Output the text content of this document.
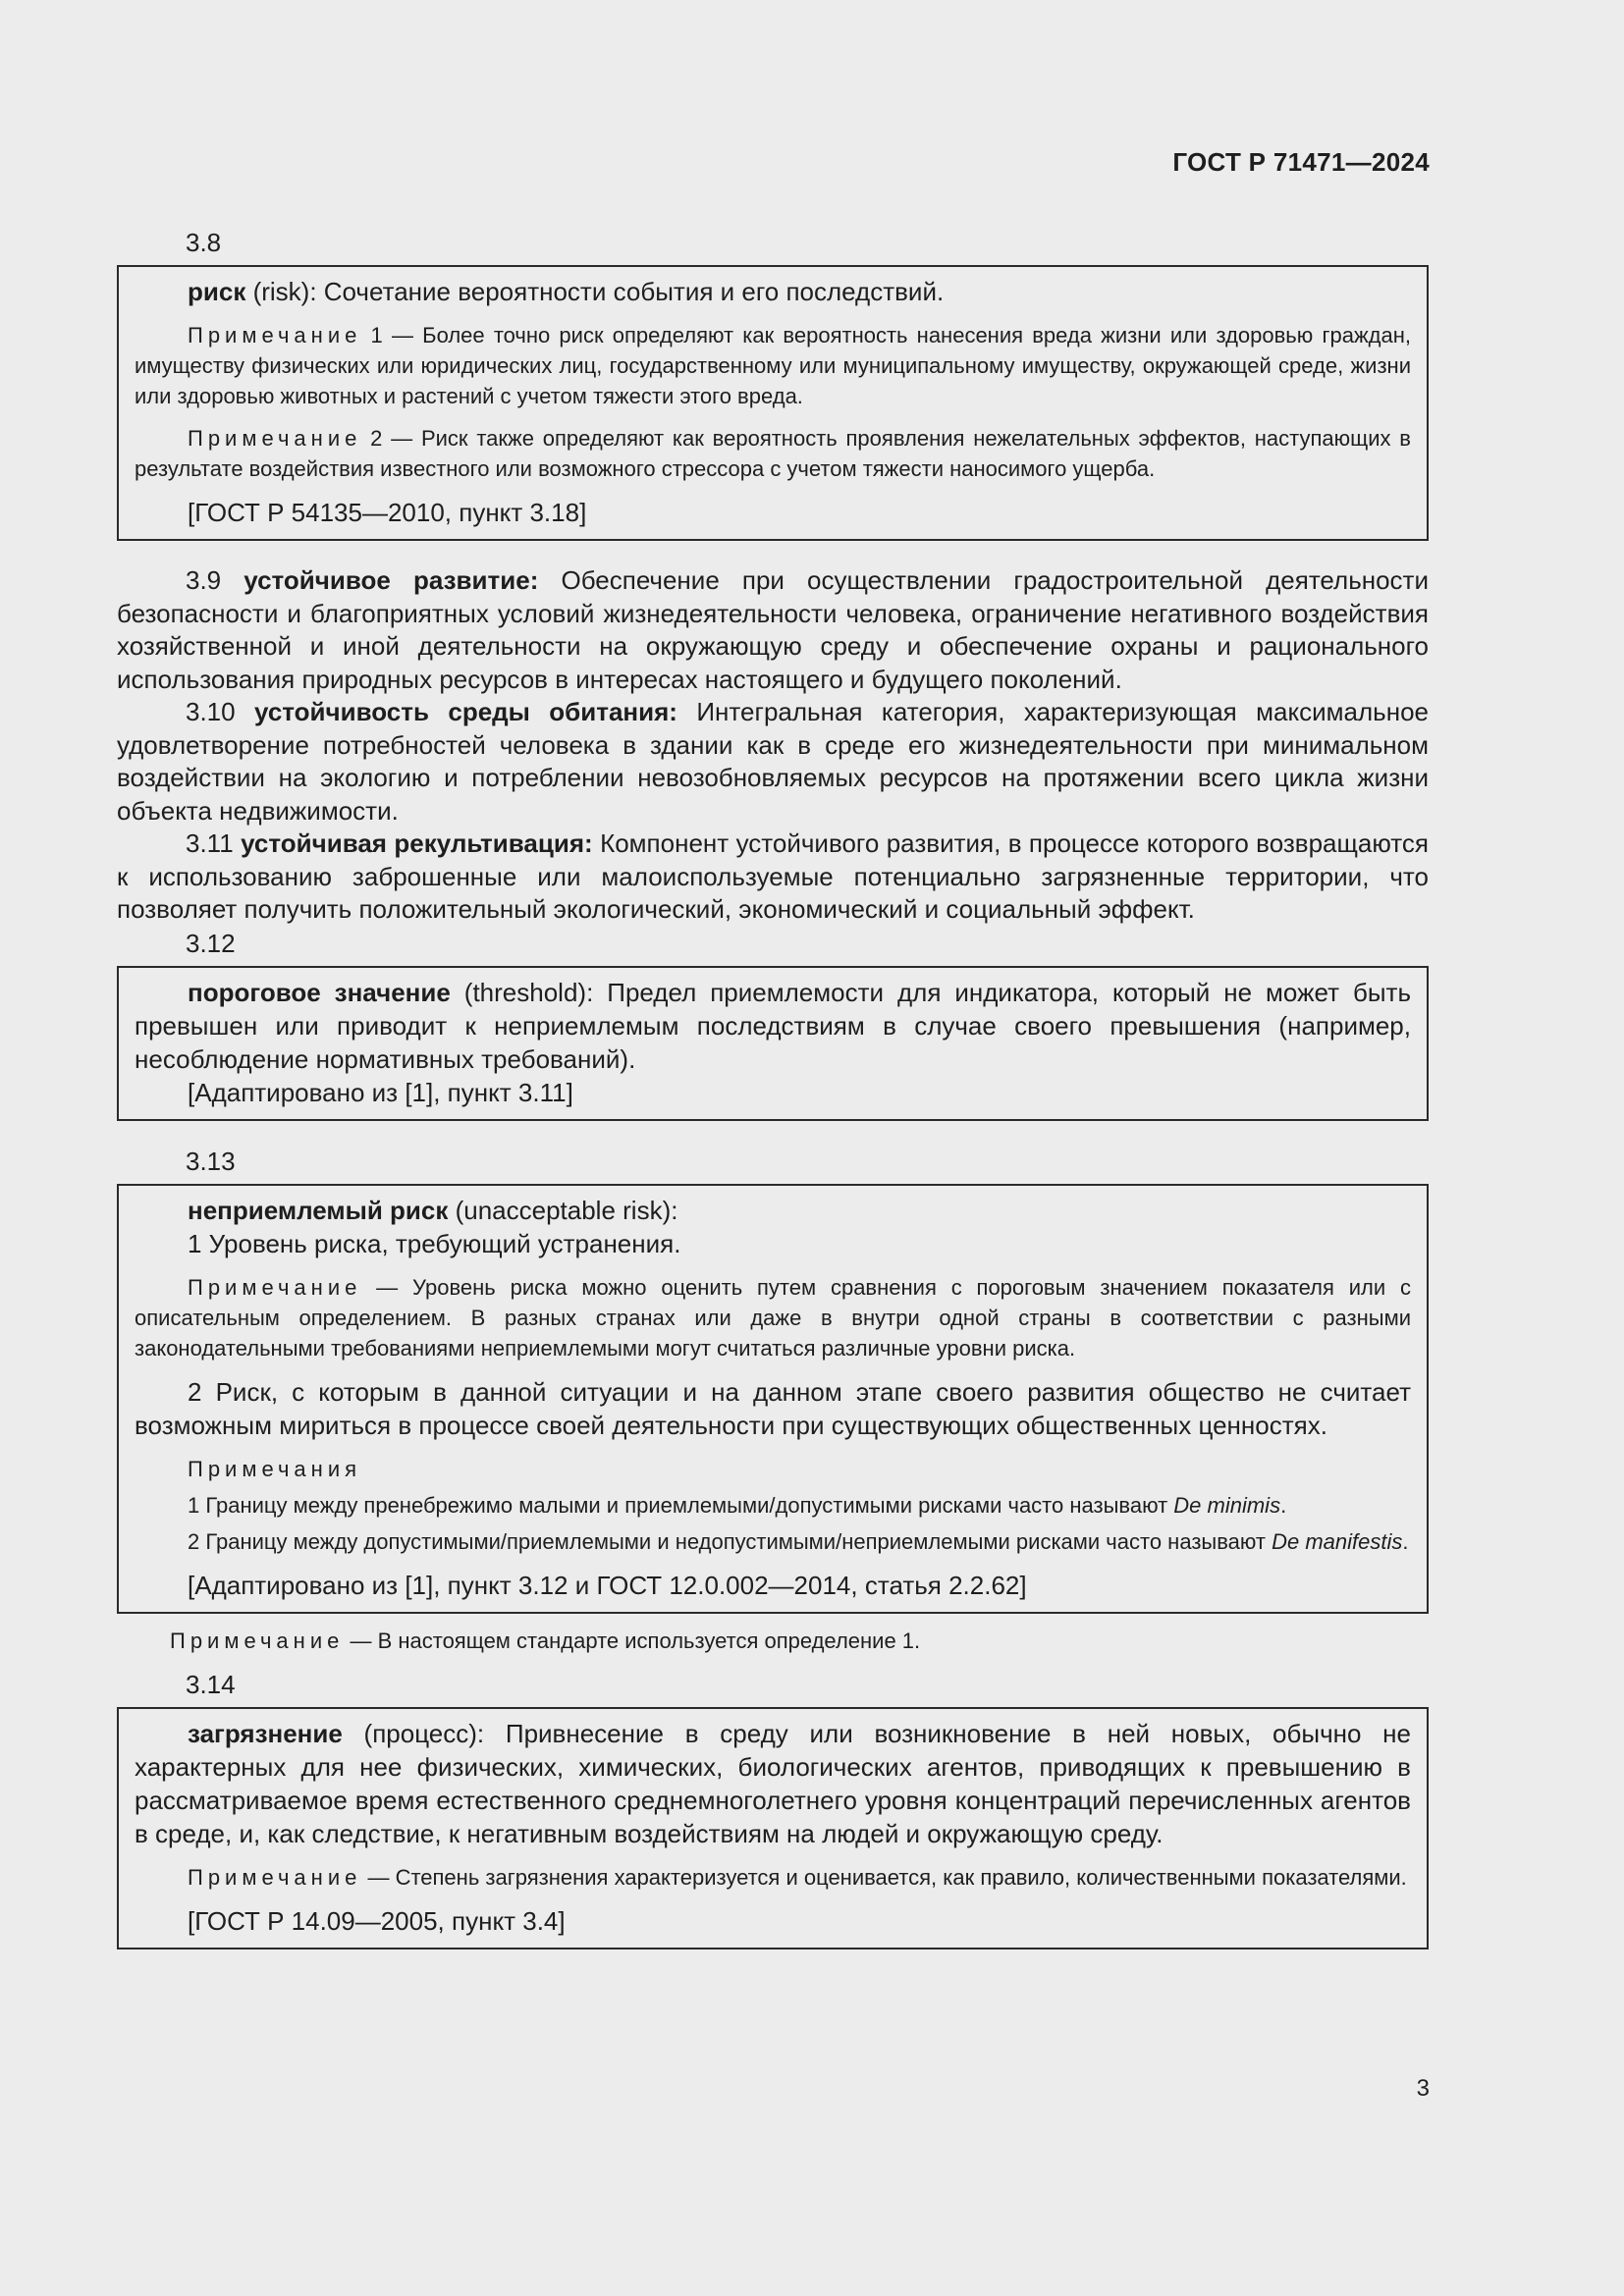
ГОСТ Р 71471—2024
3.8

риск (risk): Сочетание вероятности события и его последствий.

Примечание 1 — Более точно риск определяют как вероятность нанесения вреда жизни или здоровью граждан, имуществу физических или юридических лиц, государственному или муниципальному имуществу, окружающей среде, жизни или здоровью животных и растений с учетом тяжести этого вреда.

Примечание 2 — Риск также определяют как вероятность проявления нежелательных эффектов, наступающих в результате воздействия известного или возможного стрессора с учетом тяжести наносимого ущерба.

[ГОСТ Р 54135—2010, пункт 3.18]

3.9 устойчивое развитие: Обеспечение при осуществлении градостроительной деятельности безопасности и благоприятных условий жизнедеятельности человека, ограничение негативного воздействия хозяйственной и иной деятельности на окружающую среду и обеспечение охраны и рационального использования природных ресурсов в интересах настоящего и будущего поколений.

3.10 устойчивость среды обитания: Интегральная категория, характеризующая максимальное удовлетворение потребностей человека в здании как в среде его жизнедеятельности при минимальном воздействии на экологию и потреблении невозобновляемых ресурсов на протяжении всего цикла жизни объекта недвижимости.

3.11 устойчивая рекультивация: Компонент устойчивого развития, в процессе которого возвращаются к использованию заброшенные или малоиспользуемые потенциально загрязненные территории, что позволяет получить положительный экологический, экономический и социальный эффект.

3.12

пороговое значение (threshold): Предел приемлемости для индикатора, который не может быть превышен или приводит к неприемлемым последствиям в случае своего превышения (например, несоблюдение нормативных требований).

[Адаптировано из [1], пункт 3.11]

3.13

неприемлемый риск (unacceptable risk):

1 Уровень риска, требующий устранения.

Примечание — Уровень риска можно оценить путем сравнения с пороговым значением показателя или с описательным определением. В разных странах или даже в внутри одной страны в соответствии с разными законодательными требованиями неприемлемыми могут считаться различные уровни риска.

2 Риск, с которым в данной ситуации и на данном этапе своего развития общество не считает возможным мириться в процессе своей деятельности при существующих общественных ценностях.

Примечания

1 Границу между пренебрежимо малыми и приемлемыми/допустимыми рисками часто называют De minimis.

2 Границу между допустимыми/приемлемыми и недопустимыми/неприемлемыми рисками часто называют De manifestis.

[Адаптировано из [1], пункт 3.12 и ГОСТ 12.0.002—2014, статья 2.2.62]

Примечание — В настоящем стандарте используется определение 1.

3.14

загрязнение (процесс): Привнесение в среду или возникновение в ней новых, обычно не характерных для нее физических, химических, биологических агентов, приводящих к превышению в рассматриваемое время естественного среднемноголетнего уровня концентраций перечисленных агентов в среде, и, как следствие, к негативным воздействиям на людей и окружающую среду.

Примечание — Степень загрязнения характеризуется и оценивается, как правило, количественными показателями.

[ГОСТ Р 14.09—2005, пункт 3.4]

3
